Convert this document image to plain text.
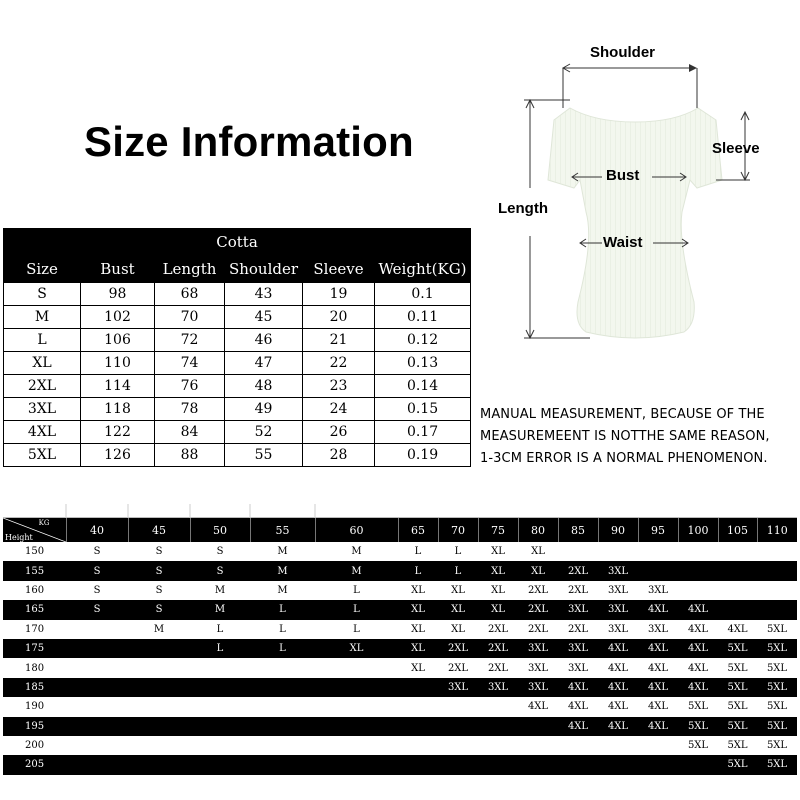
Size Information
Cotta					
Size	Bust	Length	Shoulder	Sleeve	Weight(KG)
S	98	68	43	19	0.1
M	102	70	45	20	0.11
L	106	72	46	21	0.12
XL	110	74	47	22	0.13
2XL	114	76	48	23	0.14
3XL	118	78	49	24	0.15
4XL	122	84	52	26	0.17
5XL	126	88	55	28	0.19
Shoulder
Sleeve
Bust
Length
Waist
MANUAL MEASUREMENT, BECAUSE OF THE
MEASUREMEENT IS NOTTHE SAME REASON,
1-3CM ERROR IS A NORMAL PHENOMENON.
KG
Height	40	45	50	55	60	65	70	75	80	85	90	95	100	105	110
150	S	S	S	M	M	L	L	XL	XL						
155	S	S	S	M	M	L	L	XL	XL	2XL	3XL				
160	S	S	M	M	L	XL	XL	XL	2XL	2XL	3XL	3XL			
165	S	S	M	L	L	XL	XL	XL	2XL	3XL	3XL	4XL	4XL		
170		M	L	L	L	XL	XL	2XL	2XL	2XL	3XL	3XL	4XL	4XL	5XL
175			L	L	XL	XL	2XL	2XL	3XL	3XL	4XL	4XL	4XL	5XL	5XL
180						XL	2XL	2XL	3XL	3XL	4XL	4XL	4XL	5XL	5XL
185							3XL	3XL	3XL	4XL	4XL	4XL	4XL	5XL	5XL
190									4XL	4XL	4XL	4XL	5XL	5XL	5XL
195										4XL	4XL	4XL	5XL	5XL	5XL
200													5XL	5XL	5XL
205														5XL	5XL
